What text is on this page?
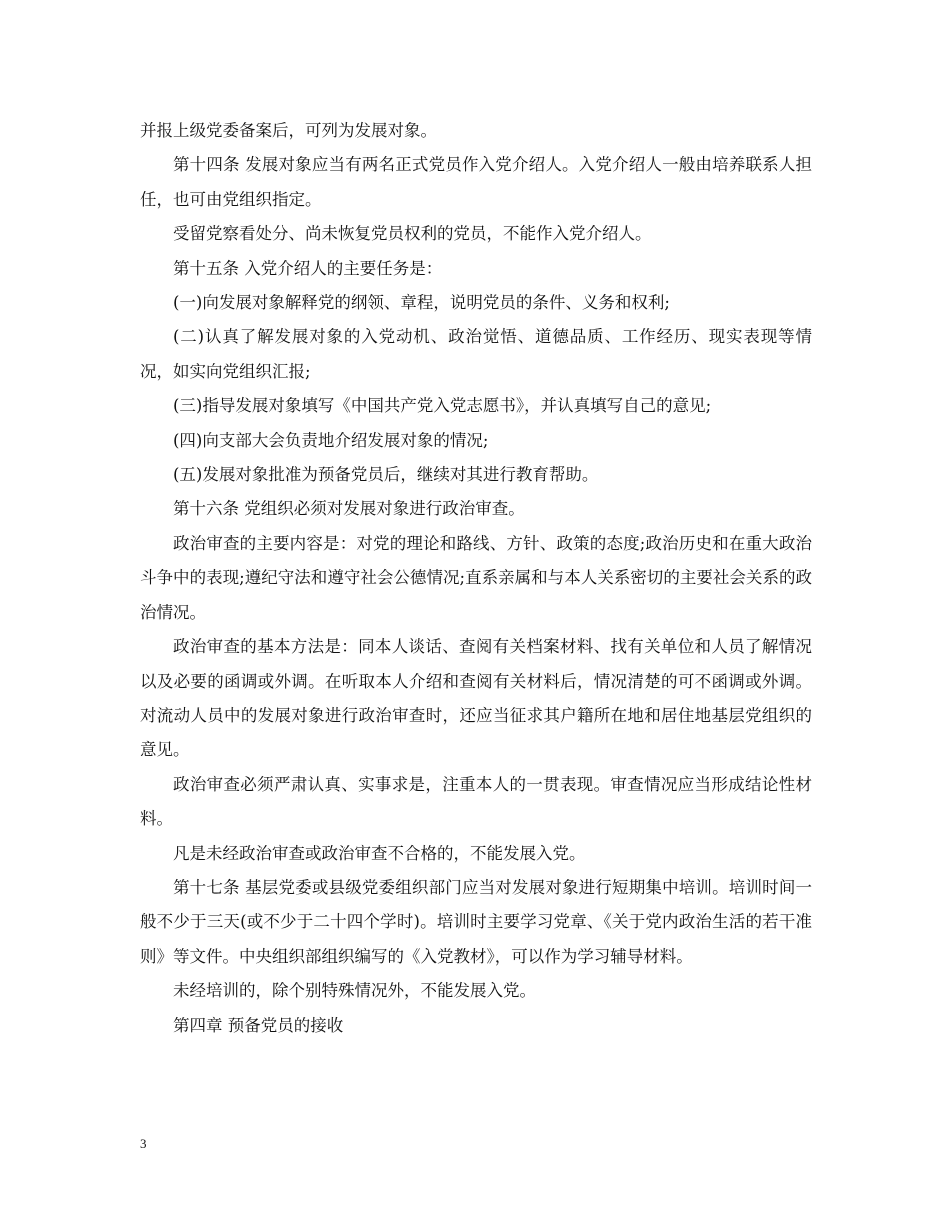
并报上级党委备案后，可列为发展对象。

第十四条 发展对象应当有两名正式党员作入党介绍人。入党介绍人一般由培养联系人担任，也可由党组织指定。

受留党察看处分、尚未恢复党员权利的党员，不能作入党介绍人。

第十五条 入党介绍人的主要任务是：

(一)向发展对象解释党的纲领、章程，说明党员的条件、义务和权利;

(二)认真了解发展对象的入党动机、政治觉悟、道德品质、工作经历、现实表现等情况，如实向党组织汇报;

(三)指导发展对象填写《中国共产党入党志愿书》，并认真填写自己的意见;

(四)向支部大会负责地介绍发展对象的情况;

(五)发展对象批准为预备党员后，继续对其进行教育帮助。

第十六条 党组织必须对发展对象进行政治审查。

政治审查的主要内容是：对党的理论和路线、方针、政策的态度;政治历史和在重大政治斗争中的表现;遵纪守法和遵守社会公德情况;直系亲属和与本人关系密切的主要社会关系的政治情况。

政治审查的基本方法是：同本人谈话、查阅有关档案材料、找有关单位和人员了解情况以及必要的函调或外调。在听取本人介绍和查阅有关材料后，情况清楚的可不函调或外调。对流动人员中的发展对象进行政治审查时，还应当征求其户籍所在地和居住地基层党组织的意见。

政治审查必须严肃认真、实事求是，注重本人的一贯表现。审查情况应当形成结论性材料。

凡是未经政治审查或政治审查不合格的，不能发展入党。

第十七条 基层党委或县级党委组织部门应当对发展对象进行短期集中培训。培训时间一般不少于三天(或不少于二十四个学时)。培训时主要学习党章、《关于党内政治生活的若干准则》等文件。中央组织部组织编写的《入党教材》，可以作为学习辅导材料。

未经培训的，除个别特殊情况外，不能发展入党。

第四章 预备党员的接收

3
